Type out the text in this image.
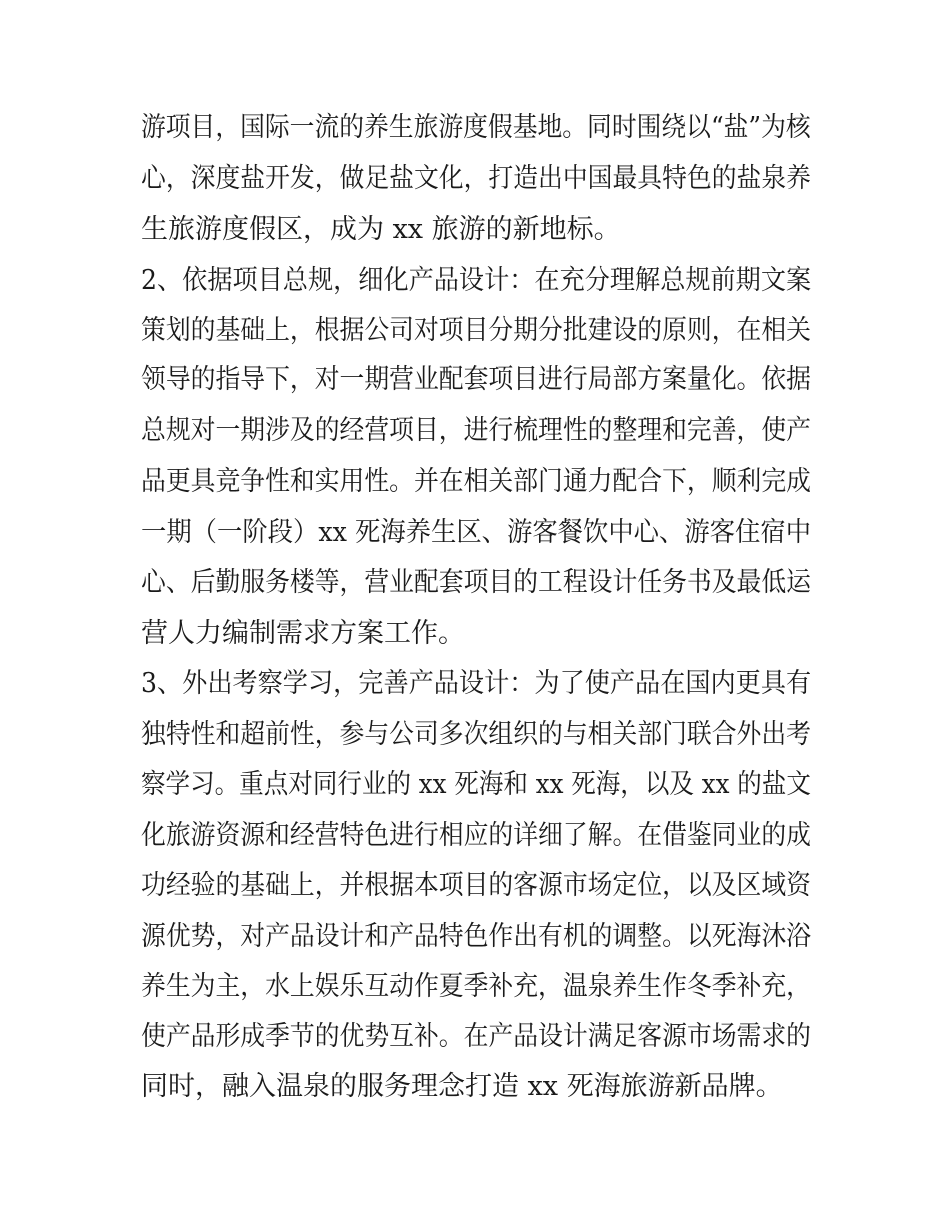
游项目，国际一流的养生旅游度假基地。同时围绕以“盐”为核
心，深度盐开发，做足盐文化，打造出中国最具特色的盐泉养
生旅游度假区，成为 xx 旅游的新地标。
2、依据项目总规，细化产品设计：在充分理解总规前期文案
策划的基础上，根据公司对项目分期分批建设的原则，在相关
领导的指导下，对一期营业配套项目进行局部方案量化。依据
总规对一期涉及的经营项目，进行梳理性的整理和完善，使产
品更具竞争性和实用性。并在相关部门通力配合下，顺利完成
一期（一阶段）xx 死海养生区、游客餐饮中心、游客住宿中
心、后勤服务楼等，营业配套项目的工程设计任务书及最低运
营人力编制需求方案工作。
3、外出考察学习，完善产品设计：为了使产品在国内更具有
独特性和超前性，参与公司多次组织的与相关部门联合外出考
察学习。重点对同行业的 xx 死海和 xx 死海，以及 xx 的盐文
化旅游资源和经营特色进行相应的详细了解。在借鉴同业的成
功经验的基础上，并根据本项目的客源市场定位，以及区域资
源优势，对产品设计和产品特色作出有机的调整。以死海沐浴
养生为主，水上娱乐互动作夏季补充，温泉养生作冬季补充，
使产品形成季节的优势互补。在产品设计满足客源市场需求的
同时，融入温泉的服务理念打造 xx 死海旅游新品牌。
